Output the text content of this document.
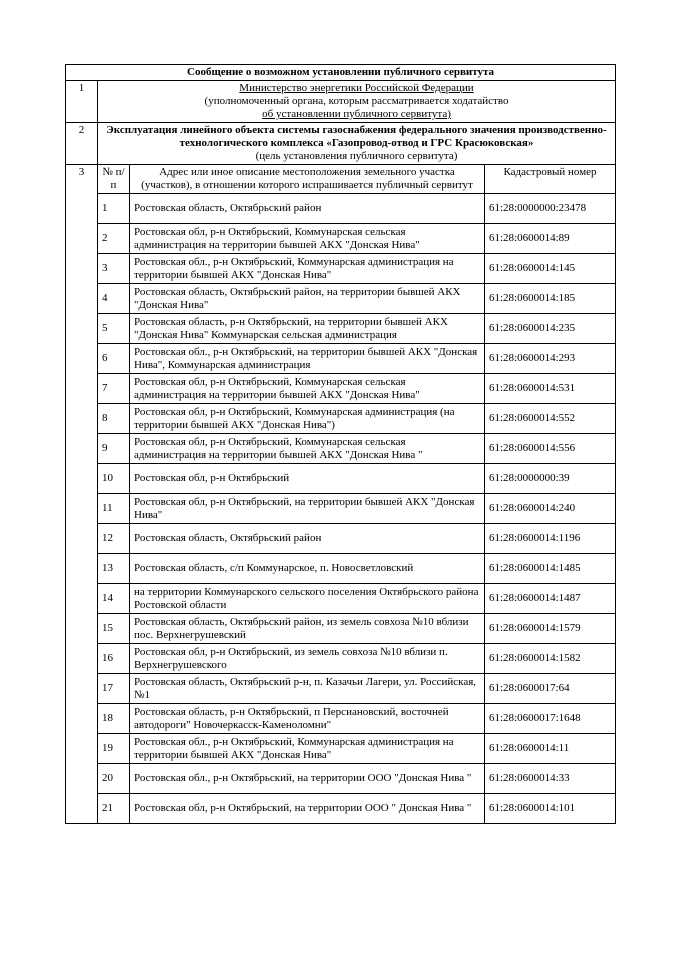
Сообщение о возможном установлении публичного сервитута			
1	Министерство энергетики Российской Федерации
(уполномоченный органа, которым рассматривается ходатайство
об установлении публичного сервитута)		

2	Эксплуатация линейного объекта системы газоснабжения федерального значения производственно-технологического комплекса «Газопровод-отвод и ГРС Красюковская»
(цель установления публичного сервитута)		

3	№ п/п	Адрес или иное описание местоположения земельного участка (участков), в отношении которого испрашивается публичный сервитут	Кадастровый номер
	1	Ростовская область, Октябрьский район	61:28:0000000:23478
	2	Ростовская обл, р-н Октябрьский, Коммунарская сельская администрация на территории бывшей АКХ "Донская Нива"	61:28:0600014:89
	3	Ростовская обл., р-н Октябрьский, Коммунарская администрация на территории бывшей АКХ "Донская Нива"	61:28:0600014:145
	4	Ростовская область, Октябрьский район, на территории бывшей АКХ "Донская Нива"	61:28:0600014:185
	5	Ростовская область, р-н Октябрьский, на территории бывшей АКХ "Донская Нива" Коммунарская сельская администрация	61:28:0600014:235
	6	Ростовская обл., р-н Октябрьский, на территории бывшей АКХ "Донская Нива", Коммунарская администрация	61:28:0600014:293
	7	Ростовская обл, р-н Октябрьский, Коммунарская сельская администрация на территории бывшей АКХ "Донская Нива"	61:28:0600014:531
	8	Ростовская обл, р-н Октябрьский, Коммунарская администрация (на территории бывшей АКХ "Донская Нива")	61:28:0600014:552
	9	Ростовская обл, р-н Октябрьский, Коммунарская сельская администрация на территории бывшей АКХ "Донская Нива "	61:28:0600014:556
	10	Ростовская обл, р-н Октябрьский	61:28:0000000:39
	11	Ростовская обл, р-н Октябрьский, на территории бывшей АКХ "Донская Нива"	61:28:0600014:240
	12	Ростовская область, Октябрьский район	61:28:0600014:1196
	13	Ростовская область, с/п Коммунарское, п. Новосветловский	61:28:0600014:1485
	14	на территории Коммунарского сельского поселения Октябрьского района Ростовской области	61:28:0600014:1487
	15	Ростовская область, Октябрьский район, из земель совхоза №10 вблизи пос. Верхнегрушевский	61:28:0600014:1579
	16	Ростовская обл, р-н Октябрьский, из земель совхоза №10 вблизи п. Верхнегрушевского	61:28:0600014:1582
	17	Ростовская область, Октябрьский р-н, п. Казачьи Лагери, ул. Российская, №1	61:28:0600017:64
	18	Ростовская область, р-н Октябрьский, п Персиановский, восточней автодороги" Новочеркасск-Каменоломни"	61:28:0600017:1648
	19	Ростовская обл., р-н Октябрьский, Коммунарская администрация на территории бывшей АКХ "Донская Нива"	61:28:0600014:11
	20	Ростовская обл., р-н Октябрьский, на территории ООО "Донская Нива "	61:28:0600014:33
	21	Ростовская обл, р-н Октябрьский, на территории ООО " Донская Нива "	61:28:0600014:101
